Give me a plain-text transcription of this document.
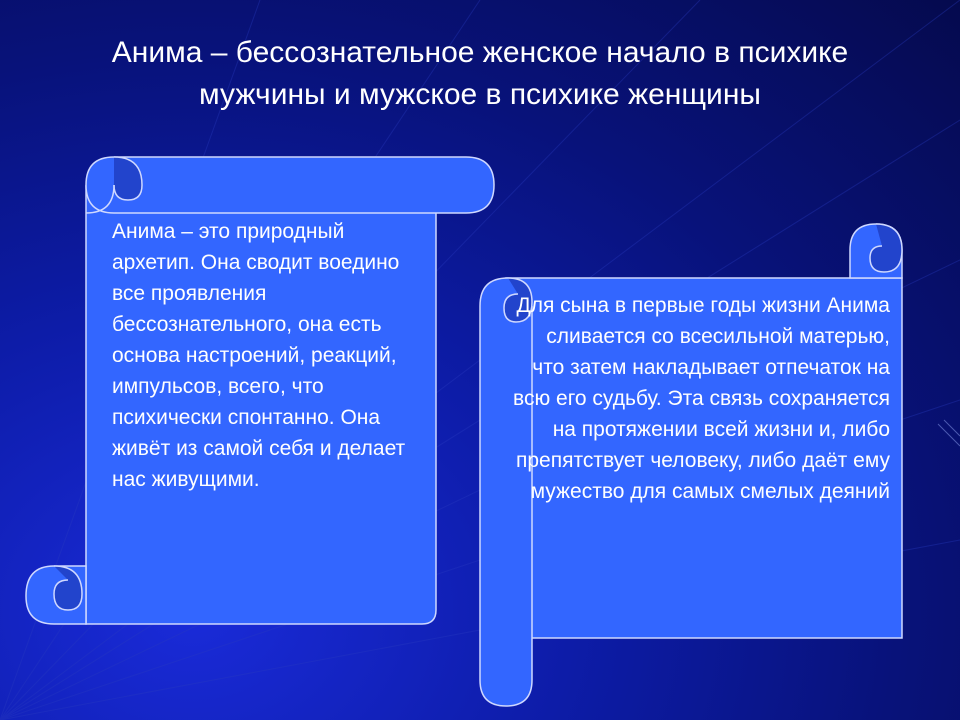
Анима – бессознательное женское начало в психике мужчины и мужское в психике женщины
Анима – это природный архетип. Она сводит воедино все проявления бессознательного, она есть основа настроений, реакций, импульсов, всего, что психически спонтанно. Она живёт из самой себя и делает нас живущими.
Для сына в первые годы жизни Анима сливается со всесильной матерью, что затем накладывает отпечаток на всю его судьбу. Эта связь сохраняется на протяжении всей жизни и, либо препятствует человеку, либо даёт ему мужество для самых смелых деяний
